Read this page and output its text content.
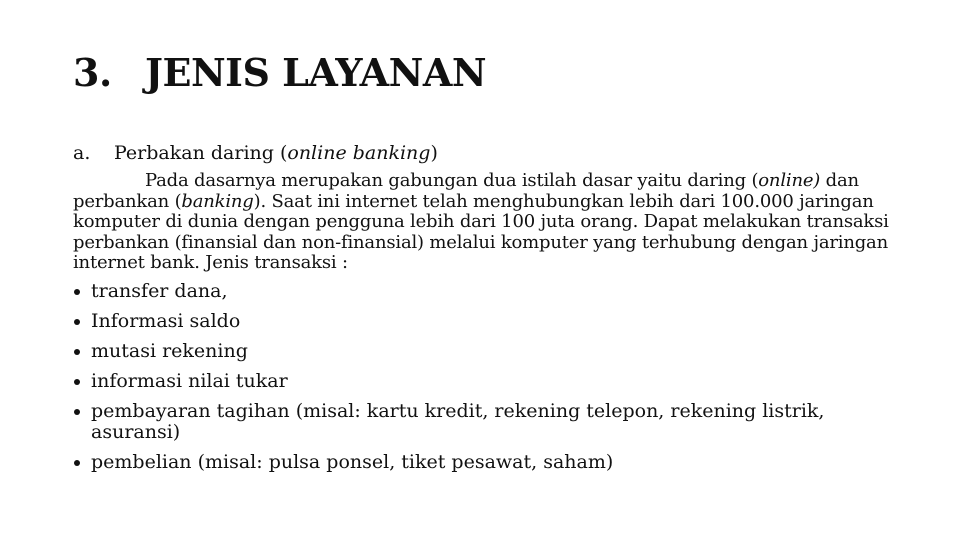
3. JENIS LAYANAN
a. Perbakan daring (online banking)
Pada dasarnya merupakan gabungan dua istilah dasar yaitu daring (online) dan perbankan (banking). Saat ini internet telah menghubungkan lebih dari 100.000 jaringan komputer di dunia dengan pengguna lebih dari 100 juta orang. Dapat melakukan transaksi perbankan (finansial dan non-finansial) melalui komputer yang terhubung dengan jaringan internet bank. Jenis transaksi :
transfer dana,
Informasi saldo
mutasi rekening
informasi nilai tukar
pembayaran tagihan (misal: kartu kredit, rekening telepon, rekening listrik, asuransi)
pembelian (misal: pulsa ponsel, tiket pesawat, saham)
